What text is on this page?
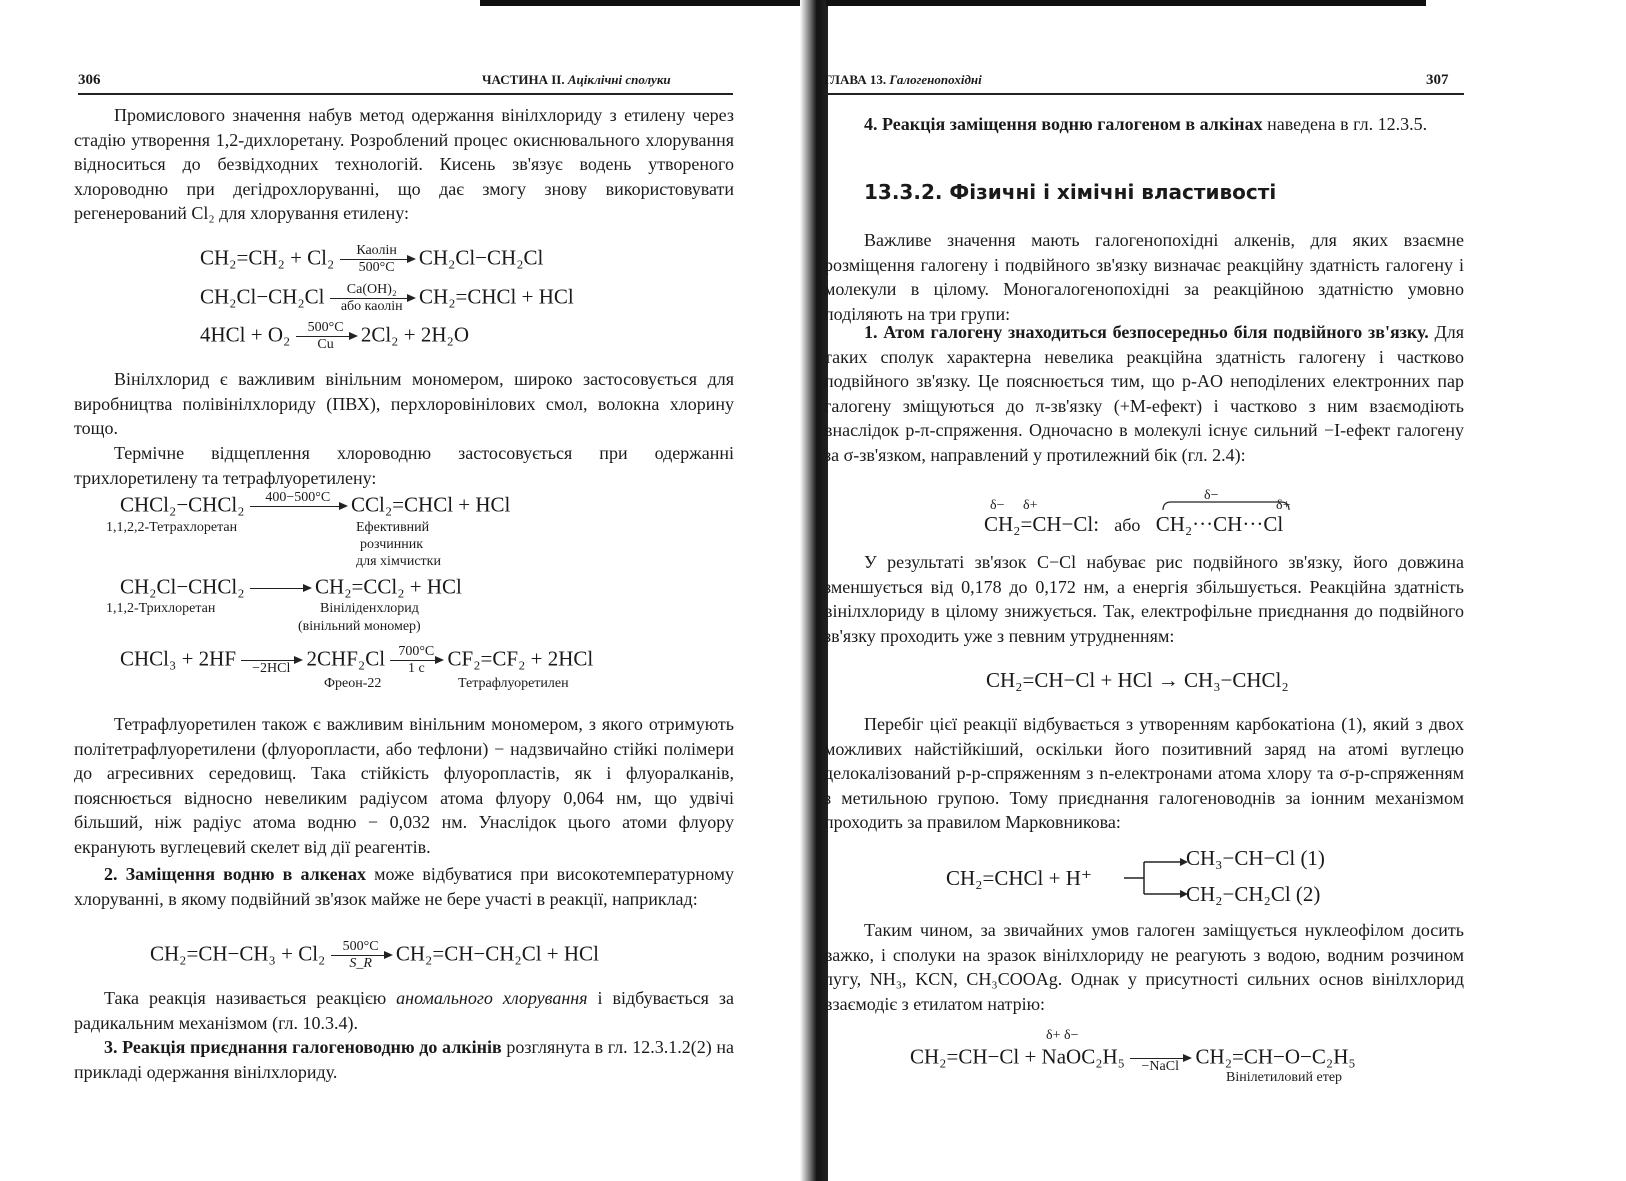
306	ЧАСТИНА II. Аціклічні сполуки

Промислового значення набув метод одержання вінілхлориду з етилену через стадію утворення 1,2-дихлоретану. Розроблений процес окиснювального хлорування відноситься до безвідходних технологій. Кисень зв'язує водень утвореного хлороводню при дегідрохлоруванні, що дає змогу знову використовувати регенерований Cl₂ для хлорування етилену:

CH₂=CH₂ + Cl₂	Каолін
500°C	CH₂Cl−CH₂Cl
CH₂Cl−CH₂Cl	Ca(OH)₂
або каолін CH₂=CHCl + HCl
$4HCl + O_2 \frac{500^\circ C}{Cu} 2Cl_2 + 2H_2O$

Вінілхлорид є важливим вінільним мономером, широко застосовується для виробництва полівінілхлориду (ПВХ), перхлоровінілових смол, волокна хлорину тощо.

Термічне відщеплення хлороводню застосовується при одержанні трихлоретилену та тетрафлуоретилену:

CHCl₂−CHCl₂	400−500°C
CCl₂=CHCl + HCl
1,1,2,2-Тетрахлоретан	Ефективний
розчинник
для хімчистки
CH₂Cl−CHCl₂

	CH₂=CCl₂ + HCl
1,1,2-Трихлоретан	Вініліденхлорид
(вінільний мономер)
CHCl₃ + 2HF
	−2HCl 2CHF₂Cl 700°C
1 с	CF₂=CF₂ + 2HCl
Фреон-22	Тетрафлуоретилен

Тетрафлуоретилен також є важливим вінільним мономером, з якого отримують політетрафлуоретилени (флуоропласти, або тефлони) − надзвичайно стійкі полімери до агресивних середовищ. Така стійкість флуоропластів, як і флуоралканів, пояснюється відносно невеликим радіусом атома флуору 0,064 нм, що удвічі більший, ніж радіус атома водню − 0,032 нм. Унаслідок цього атоми флуору екранують вуглецевий скелет від дії реагентів.

2. Заміщення водню в алкенах може відбуватися при високотемпературному хлоруванні, в якому подвійний зв'язок майже не бере участі в реакції, наприклад:

$CH_2=CH-CH_3 + Cl_2 \frac{500^\circ C}{S\_R} CH_2=CH-CH_2Cl$ + HCl

Така реакція називається реакцією аномального хлорування і відбувається за радикальним механізмом (гл. 10.3.4).

3. Реакція приєднання галогеноводню до алкінів розглянута в гл. 12.3.1.2(2) на прикладі одержання вінілхлориду.

ГЛАВА 13. Галогенопохідні	307

4. Реакція заміщення водню галогеном в алкінах наведена в гл. 12.3.5.

13.3.2. Фізичні і хімічні властивості

Важливе значення мають галогенопохідні алкенів, для яких взаємне розміщення галогену і подвійного зв'язку визначає реакційну здатність галогену і молекули в цілому. Моногалогенопохідні за реакційною здатністю умовно поділяють на три групи:

1. Атом галогену знаходиться безпосередньо біля подвійного зв'язку. Для таких сполук характерна невелика реакційна здатність галогену і частково подвійного зв'язку. Це пояснюється тим, що p-AO неподілених електронних пар галогену зміщуються до π-зв'язку (+M-ефект) і частково з ним взаємодіють внаслідок p-π-спряження. Одночасно в молекулі існує сильний −I-ефект галогену за σ-зв'язком, направлений у протилежний бік (гл. 2.4):

δ− δ+
δ−
δ+
CH₂=CH−Cl: або CH₂···CH···Cl

У результаті зв'язок C−Cl набуває рис подвійного зв'язку, його довжина зменшується від 0,178 до 0,172 нм, а енергія збільшується. Реакційна здатність вінілхлориду в цілому знижується. Так, електрофільне приєднання до подвійного зв'язку проходить уже з певним утрудненням:

CH₂=CH−Cl + HCl → CH₃−CHCl₂

Перебіг цієї реакції відбувається з утворенням карбокатіона (1), який з двох можливих найстійкіший, оскільки його позитивний заряд на атомі вуглецю делокалізований p-p-спряженням з n-електронами атома хлору та σ-p-спряженням з метильною групою. Тому приєднання галогеноводнів за іонним механізмом проходить за правилом Марковникова:

CH₂=CHCl + H⁺
CH₃−CH−Cl (1)
CH₂−CH₂Cl (2)

Таким чином, за звичайних умов галоген заміщується нуклеофілом досить важко, і сполуки на зразок вінілхлориду не реагують з водою, водним розчином лугу, NH₃, KCN, CH₃COOAg. Однак у присутності сильних основ вінілхлорид взаємодіє з етилатом натрію:

δ+ δ−
CH₂=CH−Cl + NaOC₂H₅
	−NaCl CH₂=CH−O−C₂H₅
Вінілетиловий етер
